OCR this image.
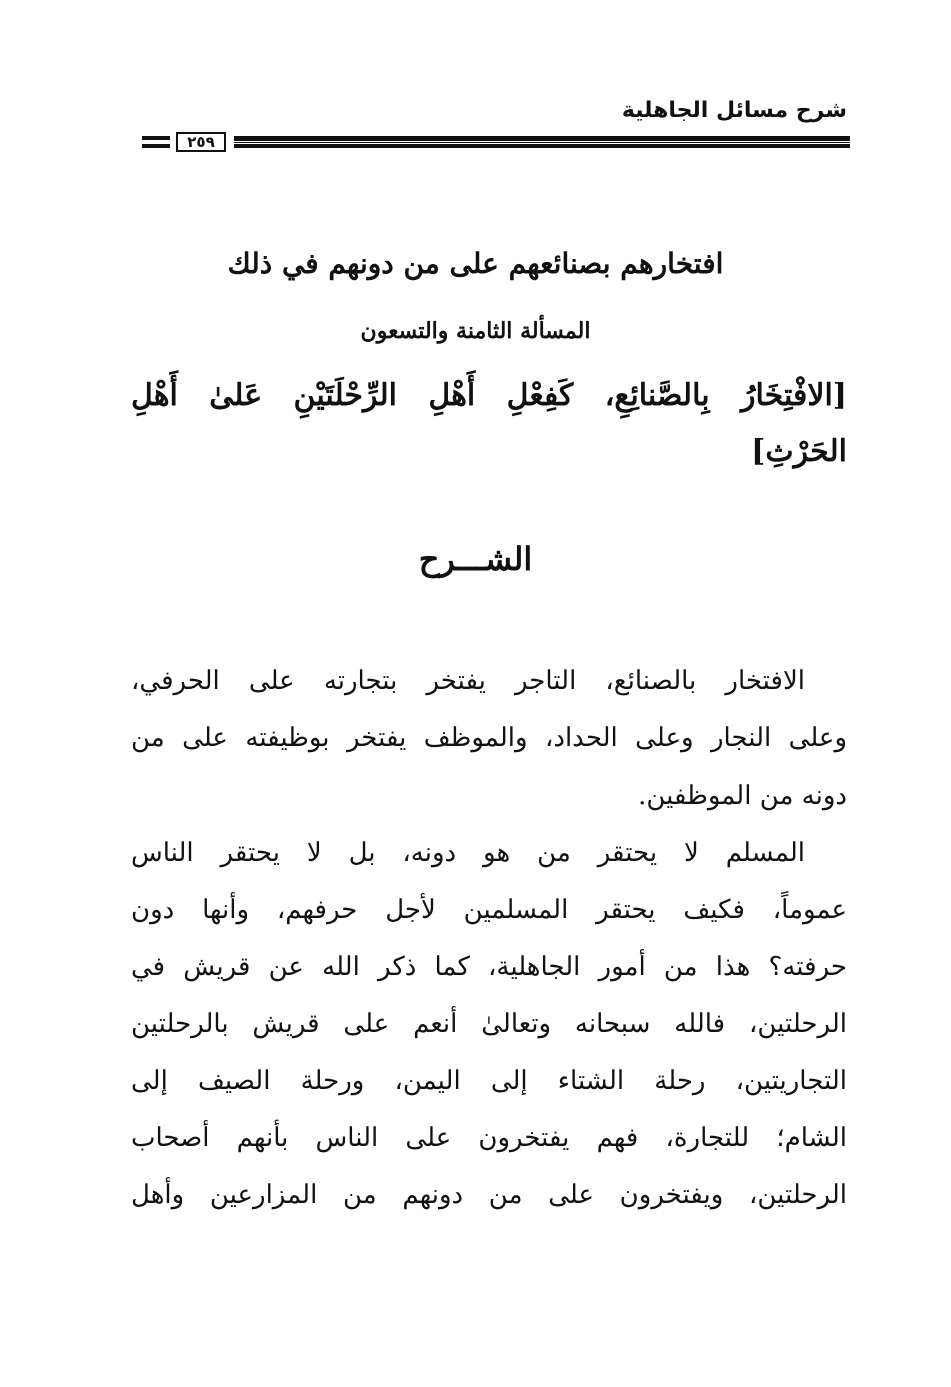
شرح مسائل الجاهلية
٢٥٩
افتخارهم بصنائعهم على من دونهم في ذلك
المسألة الثامنة والتسعون
[الافْتِخَارُ بِالصَّنائِعِ، كَفِعْلِ أَهْلِ الرِّحْلَتَيْنِ عَلىٰ أَهْلِ
الحَرْثِ]
الشـــرح
الافتخار بالصنائع، التاجر يفتخر بتجارته على الحرفي،
وعلى النجار وعلى الحداد، والموظف يفتخر بوظيفته على من
دونه من الموظفين.
المسلم لا يحتقر من هو دونه، بل لا يحتقر الناس
عموماً، فكيف يحتقر المسلمين لأجل حرفهم، وأنها دون
حرفته؟ هذا من أمور الجاهلية، كما ذكر الله عن قريش في
الرحلتين، فالله سبحانه وتعالىٰ أنعم على قريش بالرحلتين
التجاريتين، رحلة الشتاء إلى اليمن، ورحلة الصيف إلى
الشام؛ للتجارة، فهم يفتخرون على الناس بأنهم أصحاب
الرحلتين، ويفتخرون على من دونهم من المزارعين وأهل
